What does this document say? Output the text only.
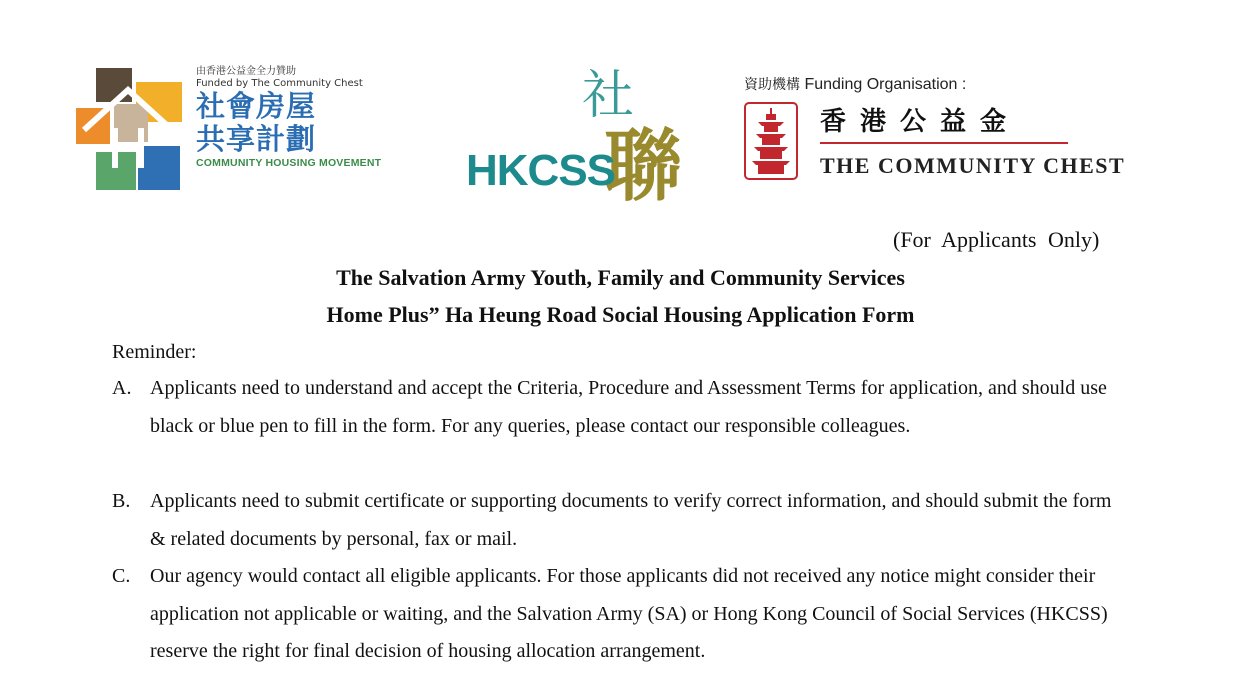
由香港公益金全力贊助
Funded by The Community Chest
社會房屋
共享計劃
COMMUNITY HOUSING MOVEMENT
社
聯
HKCSS
資助機構 Funding Organisation :
香港公益金
THE COMMUNITY CHEST
(For Applicants Only)
The Salvation Army Youth, Family and Community Services
Home Plus” Ha Heung Road Social Housing Application Form
Reminder:
A. Applicants need to understand and accept the Criteria, Procedure and Assessment Terms for application, and should use black or blue pen to fill in the form. For any queries, please contact our responsible colleagues.
B. Applicants need to submit certificate or supporting documents to verify correct information, and should submit the form & related documents by personal, fax or mail.
C. Our agency would contact all eligible applicants. For those applicants did not received any notice might consider their application not applicable or waiting, and the Salvation Army (SA) or Hong Kong Council of Social Services (HKCSS) reserve the right for final decision of housing allocation arrangement.
